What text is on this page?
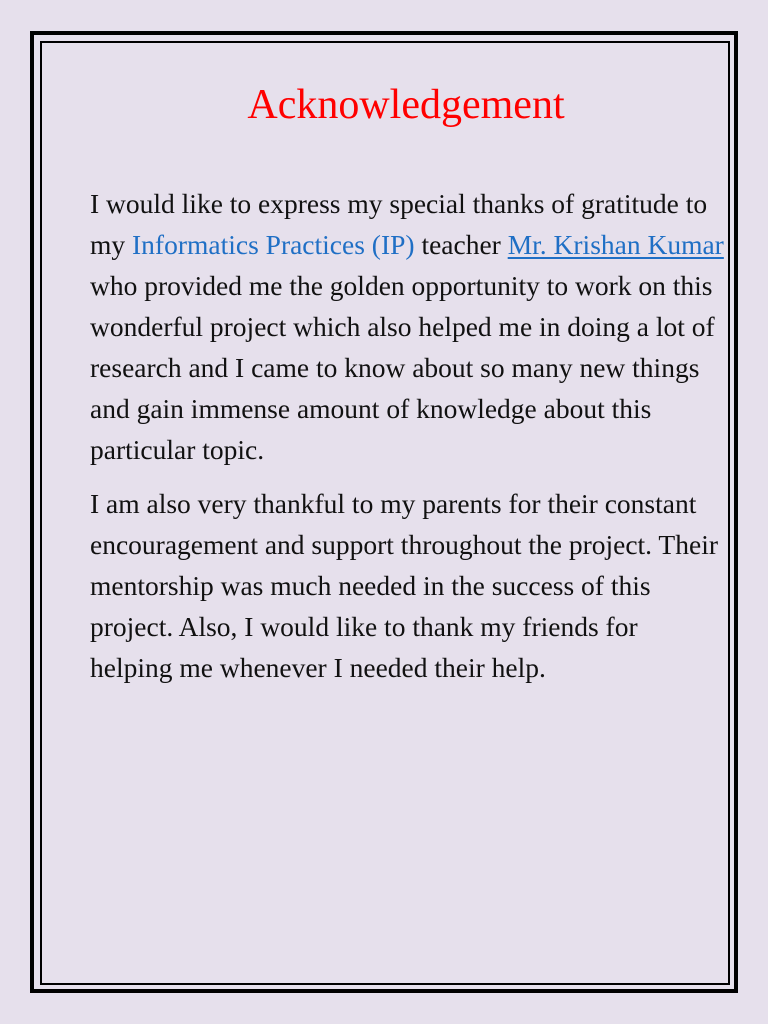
Acknowledgement

I would like to express my special thanks of gratitude to my Informatics Practices (IP) teacher Mr. Krishan Kumar who provided me the golden opportunity to work on this wonderful project which also helped me in doing a lot of research and I came to know about so many new things and gain immense amount of knowledge about this particular topic.

I am also very thankful to my parents for their constant encouragement and support throughout the project. Their mentorship was much needed in the success of this project. Also, I would like to thank my friends for helping me whenever I needed their help.
